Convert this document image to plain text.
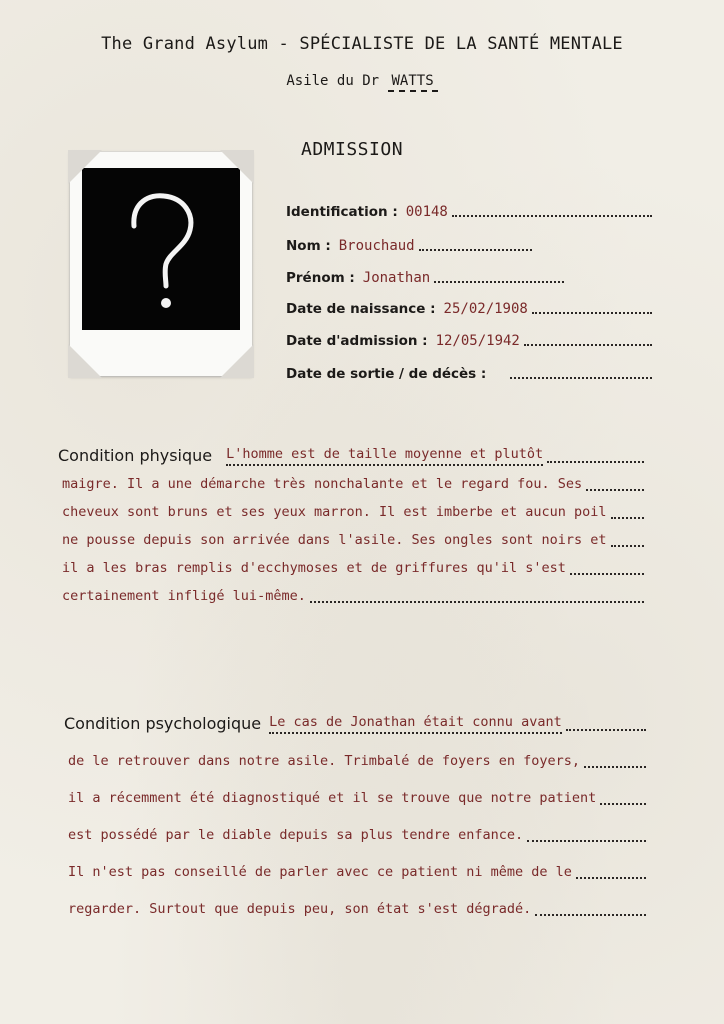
The Grand Asylum - SPÉCIALISTE DE LA SANTÉ MENTALE
Asile du Dr WATTS
ADMISSION
Identification : 00148
Nom : Brouchaud
Prénom : Jonathan
Date de naissance : 25/02/1908
Date d'admission : 12/05/1942
Date de sortie / de décès :
Condition physique L'homme est de taille moyenne et plutôt
maigre. Il a une démarche très nonchalante et le regard fou. Ses
cheveux sont bruns et ses yeux marron. Il est imberbe et aucun poil
ne pousse depuis son arrivée dans l'asile. Ses ongles sont noirs et
il a les bras remplis d'ecchymoses et de griffures qu'il s'est
certainement infligé lui-même.
Condition psychologique Le cas de Jonathan était connu avant
de le retrouver dans notre asile. Trimbalé de foyers en foyers,
il a récemment été diagnostiqué et il se trouve que notre patient
est possédé par le diable depuis sa plus tendre enfance.
Il n'est pas conseillé de parler avec ce patient ni même de le
regarder. Surtout que depuis peu, son état s'est dégradé.
